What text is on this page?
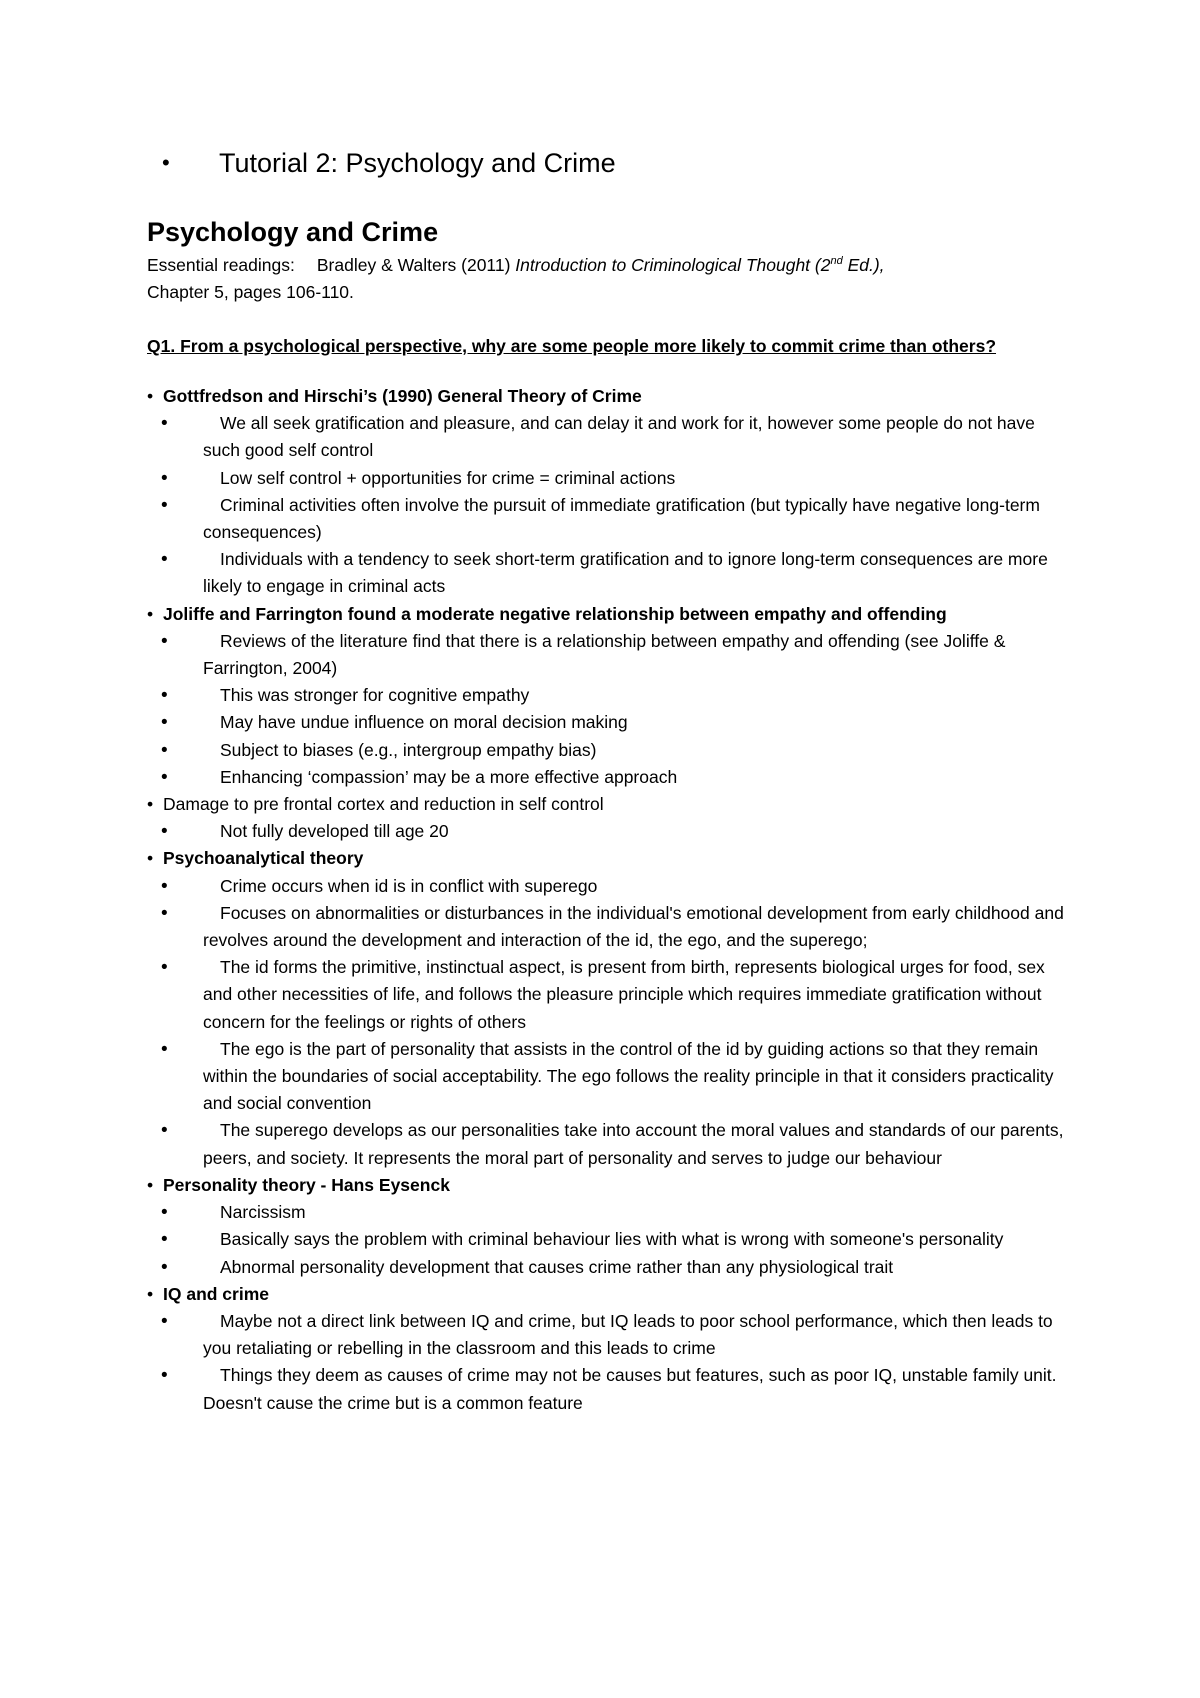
• Tutorial 2: Psychology and Crime
Psychology and Crime
Essential readings: Bradley & Walters (2011) Introduction to Criminological Thought (2nd Ed.),
Chapter 5, pages 106-110.
Q1. From a psychological perspective, why are some people more likely to commit crime than others?
• Gottfredson and Hirschi’s (1990) General Theory of Crime
•	We all seek gratification and pleasure, and can delay it and work for it, however some people do not have such good self control
•	Low self control + opportunities for crime = criminal actions
•	Criminal activities often involve the pursuit of immediate gratification (but typically have negative long-term consequences)
•	Individuals with a tendency to seek short-term gratification and to ignore long-term consequences are more likely to engage in criminal acts
• Joliffe and Farrington found a moderate negative relationship between empathy and offending
•	Reviews of the literature find that there is a relationship between empathy and offending (see Joliffe & Farrington, 2004)
•	This was stronger for cognitive empathy
•	May have undue influence on moral decision making
•	Subject to biases (e.g., intergroup empathy bias)
•	Enhancing ‘compassion’ may be a more effective approach
• Damage to pre frontal cortex and reduction in self control
•	Not fully developed till age 20
• Psychoanalytical theory
•	Crime occurs when id is in conflict with superego
•	Focuses on abnormalities or disturbances in the individual's emotional development from early childhood and revolves around the development and interaction of the id, the ego, and the superego;
•	The id forms the primitive, instinctual aspect, is present from birth, represents biological urges for food, sex and other necessities of life, and follows the pleasure principle which requires immediate gratification without concern for the feelings or rights of others
•	The ego is the part of personality that assists in the control of the id by guiding actions so that they remain within the boundaries of social acceptability. The ego follows the reality principle in that it considers practicality and social convention
•	The superego develops as our personalities take into account the moral values and standards of our parents, peers, and society. It represents the moral part of personality and serves to judge our behaviour
• Personality theory - Hans Eysenck
•	Narcissism
•	Basically says the problem with criminal behaviour lies with what is wrong with someone's personality
•	Abnormal personality development that causes crime rather than any physiological trait
• IQ and crime
•	Maybe not a direct link between IQ and crime, but IQ leads to poor school performance, which then leads to you retaliating or rebelling in the classroom and this leads to crime
•	Things they deem as causes of crime may not be causes but features, such as poor IQ, unstable family unit. Doesn't cause the crime but is a common feature
